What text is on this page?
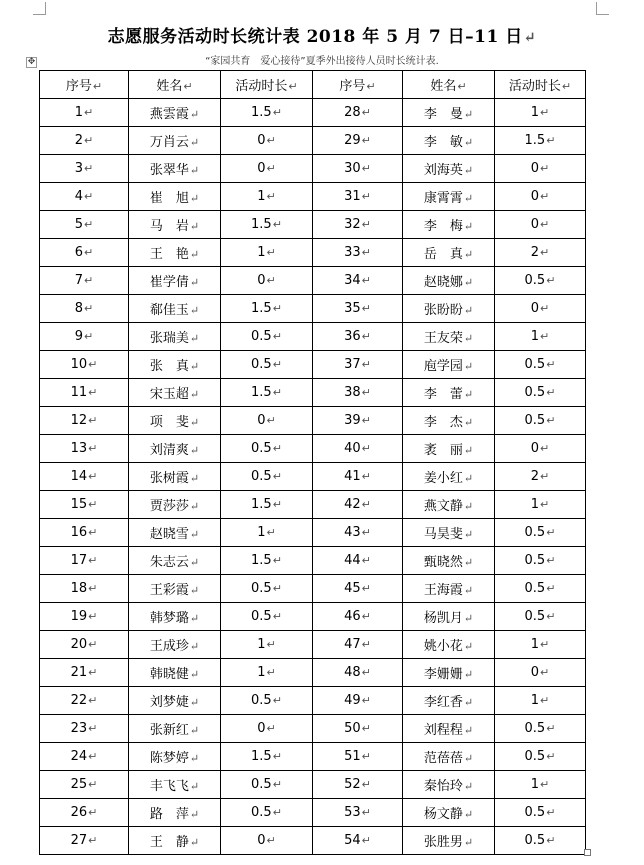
志愿服务活动时长统计表 2018 年 5 月 7 日–11 日↵
“家园共育　爱心接待”夏季外出接待人员时长统计表.
✥
序号↵	姓名↵	活动时长↵	序号↵	姓名↵	活动时长↵
1↵	燕雲霞↵	1.5↵	28↵	李　曼↵	1↵
2↵	万肖云↵	0↵	29↵	李　敏↵	1.5↵
3↵	张翠华↵	0↵	30↵	刘海英↵	0↵
4↵	崔　旭↵	1↵	31↵	康霄霄↵	0↵
5↵	马　岩↵	1.5↵	32↵	李　梅↵	0↵
6↵	王　艳↵	1↵	33↵	岳　真↵	2↵
7↵	崔学倩↵	0↵	34↵	赵晓娜↵	0.5↵
8↵	郗佳玉↵	1.5↵	35↵	张盼盼↵	0↵
9↵	张瑞美↵	0.5↵	36↵	王友荣↵	1↵
10↵	张　真↵	0.5↵	37↵	庖学园↵	0.5↵
11↵	宋玉超↵	1.5↵	38↵	李　蕾↵	0.5↵
12↵	项　斐↵	0↵	39↵	李　杰↵	0.5↵
13↵	刘清爽↵	0.5↵	40↵	袤　丽↵	0↵
14↵	张树霞↵	0.5↵	41↵	姜小红↵	2↵
15↵	贾莎莎↵	1.5↵	42↵	燕文静↵	1↵
16↵	赵晓雪↵	1↵	43↵	马昊斐↵	0.5↵
17↵	朱志云↵	1.5↵	44↵	甄晓然↵	0.5↵
18↵	王彩霞↵	0.5↵	45↵	王海霞↵	0.5↵
19↵	韩梦璐↵	0.5↵	46↵	杨凯月↵	0.5↵
20↵	王成珍↵	1↵	47↵	姚小花↵	1↵
21↵	韩晓健↵	1↵	48↵	李姗姗↵	0↵
22↵	刘梦婕↵	0.5↵	49↵	李红香↵	1↵
23↵	张新红↵	0↵	50↵	刘程程↵	0.5↵
24↵	陈梦婷↵	1.5↵	51↵	范蓓蓓↵	0.5↵
25↵	丰飞飞↵	0.5↵	52↵	秦怡玲↵	1↵
26↵	路　萍↵	0.5↵	53↵	杨文静↵	0.5↵
27↵	王　静↵	0↵	54↵	张胜男↵	0.5↵
